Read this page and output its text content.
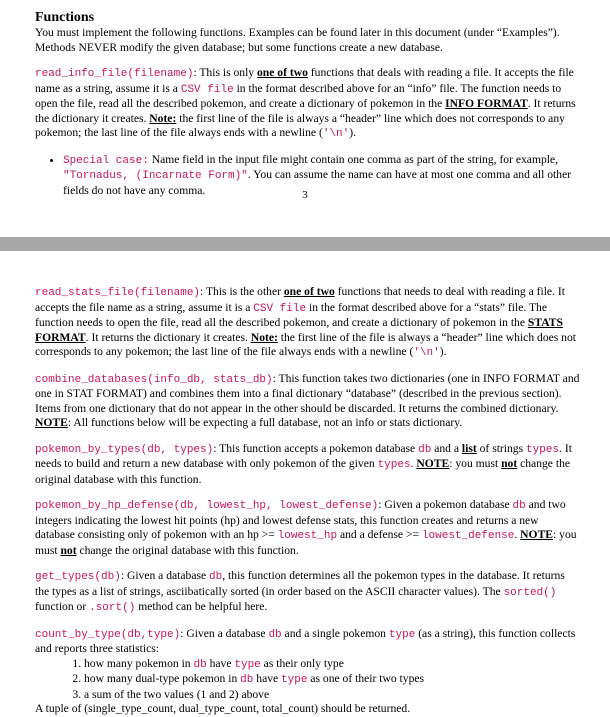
Functions

You must implement the following functions. Examples can be found later in this document (under “Examples”). Methods NEVER modify the given database; but some functions create a new database.

read_info_file(filename): This is only one of two functions that deals with reading a file. It accepts the file name as a string, assume it is a CSV file in the format described above for an “info” file. The function needs to open the file, read all the described pokemon, and create a dictionary of pokemon in the INFO FORMAT. It returns the dictionary it creates. Note: the first line of the file is always a “header” line which does not corresponds to any pokemon; the last line of the file always ends with a newline ('\n').

• Special case: Name field in the input file might contain one comma as part of the string, for example, "Tornadus, (Incarnate Form)". You can assume the name can have at most one comma and all other fields do not have any comma.	3

read_stats_file(filename): This is the other one of two functions that needs to deal with reading a file. It accepts the file name as a string, assume it is a CSV file in the format described above for a “stats” file. The function needs to open the file, read all the described pokemon, and create a dictionary of pokemon in the STATS FORMAT. It returns the dictionary it creates. Note: the first line of the file is always a “header” line which does not corresponds to any pokemon; the last line of the file always ends with a newline ('\n').

combine_databases(info_db, stats_db): This function takes two dictionaries (one in INFO FORMAT and one in STAT FORMAT) and combines them into a final dictionary “database” (described in the previous section). Items from one dictionary that do not appear in the other should be discarded. It returns the combined dictionary. NOTE: All functions below will be expecting a full database, not an info or stats dictionary.

pokemon_by_types(db, types): This function accepts a pokemon database db and a list of strings types. It needs to build and return a new database with only pokemon of the given types. NOTE: you must not change the original database with this function.

pokemon_by_hp_defense(db, lowest_hp, lowest_defense): Given a pokemon database db and two integers indicating the lowest hit points (hp) and lowest defense stats, this function creates and returns a new database consisting only of pokemon with an hp >= lowest_hp and a defense >= lowest_defense. NOTE: you must not change the original database with this function.

get_types(db): Given a database db, this function determines all the pokemon types in the database. It returns the types as a list of strings, asciibatically sorted (in order based on the ASCII character values). The sorted() function or .sort() method can be helpful here.

count_by_type(db,type): Given a database db and a single pokemon type (as a string), this function collects and reports three statistics:
1. how many pokemon in db have type as their only type
2. how many dual-type pokemon in db have type as one of their two types
3. a sum of the two values (1 and 2) above
A tuple of (single_type_count, dual_type_count, total_count) should be returned.
